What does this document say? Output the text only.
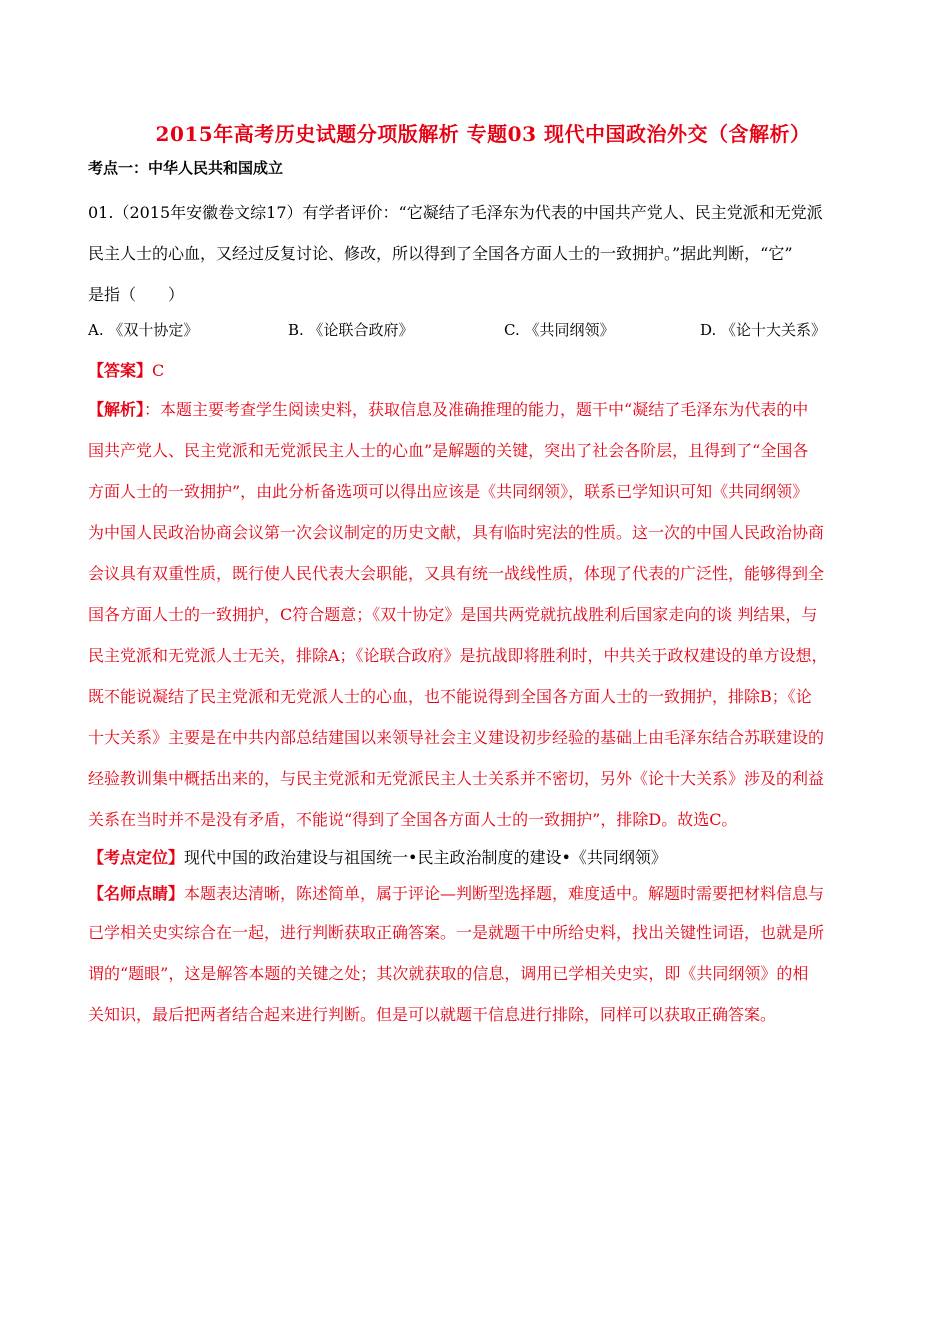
2015年高考历史试题分项版解析 专题03 现代中国政治外交（含解析）
考点一：中华人民共和国成立
01.（2015年安徽卷文综17）有学者评价：“它凝结了毛泽东为代表的中国共产党人、民主党派和无党派
民主人士的心血，又经过反复讨论、修改，所以得到了全国各方面人士的一致拥护。”据此判断，“它”
是指（　　）
A. 《双十协定》	B. 《论联合政府》	C. 《共同纲领》	D. 《论十大关系》
【答案】C
【解析】：本题主要考查学生阅读史料，获取信息及准确推理的能力，题干中“凝结了毛泽东为代表的中
国共产党人、民主党派和无党派民主人士的心血”是解题的关键，突出了社会各阶层，且得到了“全国各
方面人士的一致拥护”，由此分析备选项可以得出应该是《共同纲领》，联系已学知识可知《共同纲领》
为中国人民政治协商会议第一次会议制定的历史文献，具有临时宪法的性质。这一次的中国人民政治协商
会议具有双重性质，既行使人民代表大会职能，又具有统一战线性质，体现了代表的广泛性，能够得到全
国各方面人士的一致拥护，C符合题意；《双十协定》是国共两党就抗战胜利后国家走向的谈 判结果，与
民主党派和无党派人士无关，排除A；《论联合政府》是抗战即将胜利时，中共关于政权建设的单方设想，
既不能说凝结了民主党派和无党派人士的心血，也不能说得到全国各方面人士的一致拥护，排除B；《论
十大关系》主要是在中共内部总结建国以来领导社会主义建设初步经验的基础上由毛泽东结合苏联建设的
经验教训集中概括出来的，与民主党派和无党派民主人士关系并不密切，另外《论十大关系》涉及的利益
关系在当时并不是没有矛盾，不能说“得到了全国各方面人士的一致拥护”，排除D。故选C。
【考点定位】现代中国的政治建设与祖国统一•民主政治制度的建设•《共同纲领》
【名师点睛】本题表达清晰，陈述简单，属于评论—判断型选择题，难度适中。解题时需要把材料信息与
已学相关史实综合在一起，进行判断获取正确答案。一是就题干中所给史料，找出关键性词语，也就是所
谓的“题眼”，这是解答本题的关键之处；其次就获取的信息，调用已学相关史实，即《共同纲领》的相
关知识，最后把两者结合起来进行判断。但是可以就题干信息进行排除，同样可以获取正确答案。
